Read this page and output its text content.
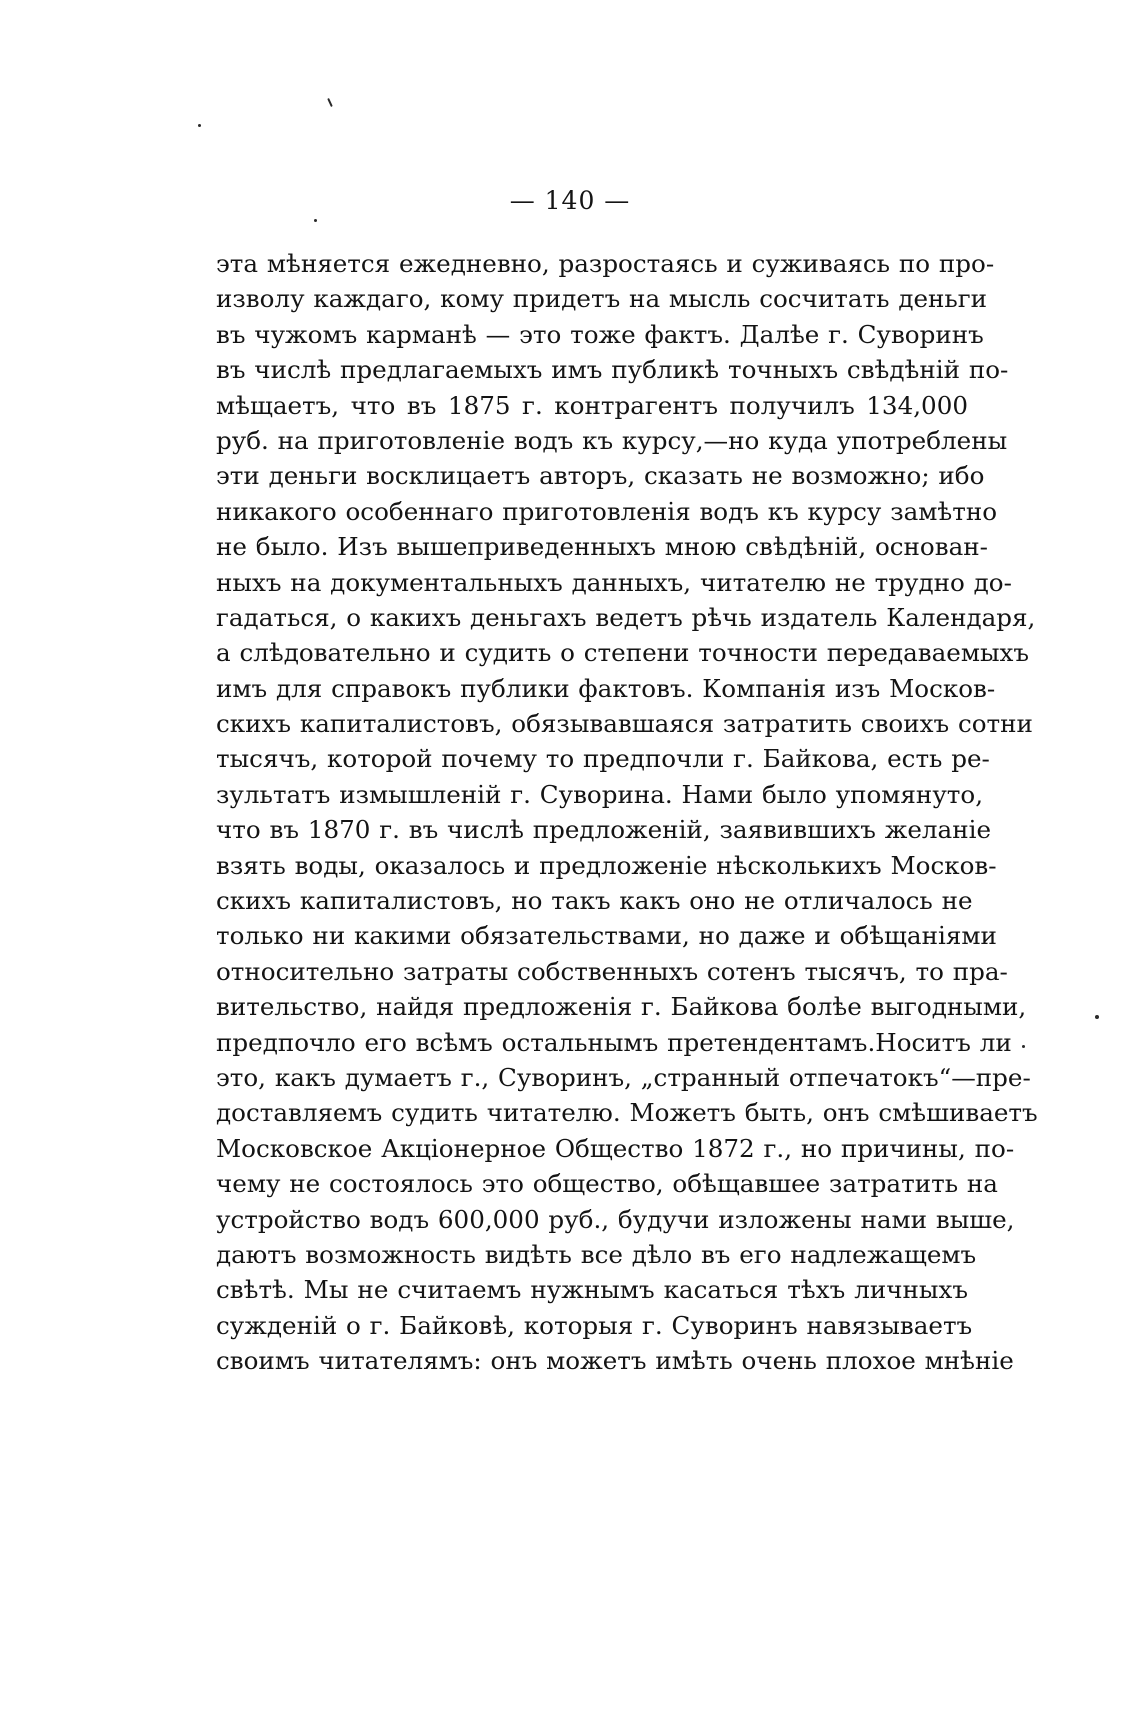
— 140 —
эта мѣняется ежедневно, разростаясь и суживаясь по про-
изволу каждаго, кому придетъ на мысль сосчитать деньги
въ чужомъ карманѣ — это тоже фактъ. Далѣе г. Суворинъ
въ числѣ предлагаемыхъ имъ публикѣ точныхъ свѣдѣній по-
мѣщаетъ, что въ 1875 г. контрагентъ получилъ 134,000
руб. на приготовленіе водъ къ курсу,—но куда употреблены
эти деньги восклицаетъ авторъ, сказать не возможно; ибо
никакого особеннаго приготовленія водъ къ курсу замѣтно
не было. Изъ вышеприведенныхъ мною свѣдѣній, основан-
ныхъ на документальныхъ данныхъ, читателю не трудно до-
гадаться, о какихъ деньгахъ ведетъ рѣчь издатель Календаря,
а слѣдовательно и судить о степени точности передаваемыхъ
имъ для справокъ публики фактовъ. Компанія изъ Москов-
скихъ капиталистовъ, обязывавшаяся затратить своихъ сотни
тысячъ, которой почему то предпочли г. Байкова, есть ре-
зультатъ измышленій г. Суворина. Нами было упомянуто,
что въ 1870 г. въ числѣ предложеній, заявившихъ желаніе
взять воды, оказалось и предложеніе нѣсколькихъ Москов-
скихъ капиталистовъ, но такъ какъ оно не отличалось не
только ни какими обязательствами, но даже и обѣщаніями
относительно затраты собственныхъ сотенъ тысячъ, то пра-
вительство, найдя предложенія г. Байкова болѣе выгодными,
предпочло его всѣмъ остальнымъ претендентамъ.Носитъ ли
это, какъ думаетъ г., Суворинъ, „странный отпечатокъ“—пре-
доставляемъ судить читателю. Можетъ быть, онъ смѣшиваетъ
Московское Акціонерное Общество 1872 г., но причины, по-
чему не состоялось это общество, обѣщавшее затратить на
устройство водъ 600,000 руб., будучи изложены нами выше,
даютъ возможность видѣть все дѣло въ его надлежащемъ
свѣтѣ. Мы не считаемъ нужнымъ касаться тѣхъ личныхъ
сужденій о г. Байковѣ, которыя г. Суворинъ навязываетъ
своимъ читателямъ: онъ можетъ имѣть очень плохое мнѣніе
